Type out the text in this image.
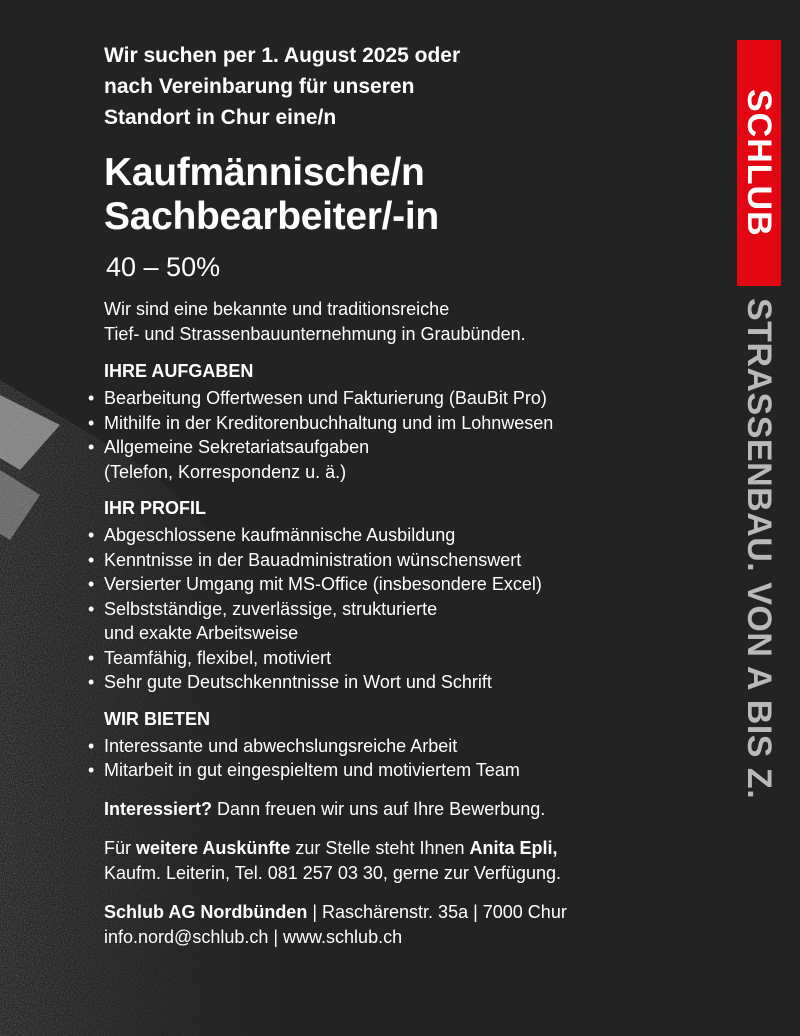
Wir suchen per 1. August 2025 oder
nach Vereinbarung für unseren
Standort in Chur eine/n

Kaufmännische/n
Sachbearbeiter/-in
40 – 50%

Wir sind eine bekannte und traditionsreiche
Tief- und Strassenbauunternehmung in Graubünden.

IHRE AUFGABEN
• Bearbeitung Offertwesen und Fakturierung (BauBit Pro)
• Mithilfe in der Kreditorenbuchhaltung und im Lohnwesen
• Allgemeine Sekretariatsaufgaben
(Telefon, Korrespondenz u. ä.)
IHR PROFIL
• Abgeschlossene kaufmännische Ausbildung
• Kenntnisse in der Bauadministration wünschenswert
• Versierter Umgang mit MS-Office (insbesondere Excel)
• Selbstständige, zuverlässige, strukturierte
und exakte Arbeitsweise
• Teamfähig, flexibel, motiviert
• Sehr gute Deutschkenntnisse in Wort und Schrift
WIR BIETEN
• Interessante und abwechslungsreiche Arbeit
• Mitarbeit in gut eingespieltem und motiviertem Team

Interessiert? Dann freuen wir uns auf Ihre Bewerbung.

Für weitere Auskünfte zur Stelle steht Ihnen Anita Epli,
Kaufm. Leiterin, Tel. 081 257 03 30, gerne zur Verfügung.

Schlub AG Nordbünden | Raschärenstr. 35a | 7000 Chur
info.nord@schlub.ch | www.schlub.ch

SCHLUB
STRASSENBAU. VON A BIS Z.
